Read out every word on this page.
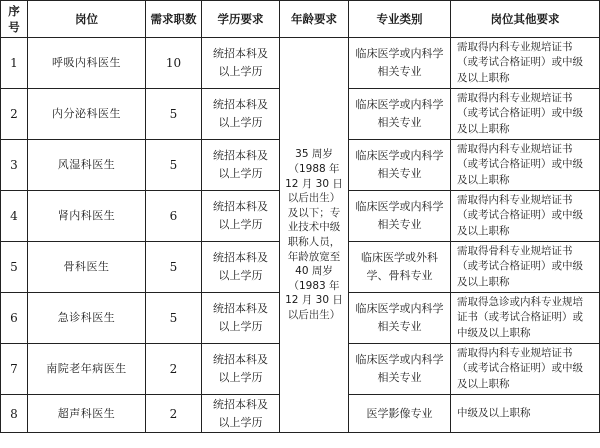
序号	岗位	需求职数	学历要求	年龄要求	专业类别	岗位其他要求
1	呼吸内科医生	10	统招本科及以上学历	35 周岁（1988 年 12 月 30 日以后出生）及以下；专业技术中级职称人员，年龄放宽至 40 周岁（1983 年 12 月 30 日以后出生）	临床医学或内科学相关专业	需取得内科专业规培证书（或考试合格证明）或中级及以上职称
2	内分泌科医生	5	统招本科及以上学历		临床医学或内科学相关专业	需取得内科专业规培证书（或考试合格证明）或中级及以上职称
3	风湿科医生	5	统招本科及以上学历		临床医学或内科学相关专业	需取得内科专业规培证书（或考试合格证明）或中级及以上职称
4	肾内科医生	6	统招本科及以上学历		临床医学或内科学相关专业	需取得内科专业规培证书（或考试合格证明）或中级及以上职称
5	骨科医生	5	统招本科及以上学历		临床医学或外科学、骨科专业	需取得骨科专业规培证书（或考试合格证明）或中级及以上职称
6	急诊科医生	5	统招本科及以上学历		临床医学或内科学相关专业	需取得急诊或内科专业规培证书（或考试合格证明）或中级及以上职称
7	南院老年病医生	2	统招本科及以上学历		临床医学或内科学相关专业	需取得内科专业规培证书（或考试合格证明）或中级及以上职称
8	超声科医生	2	统招本科及以上学历		医学影像专业	中级及以上职称
